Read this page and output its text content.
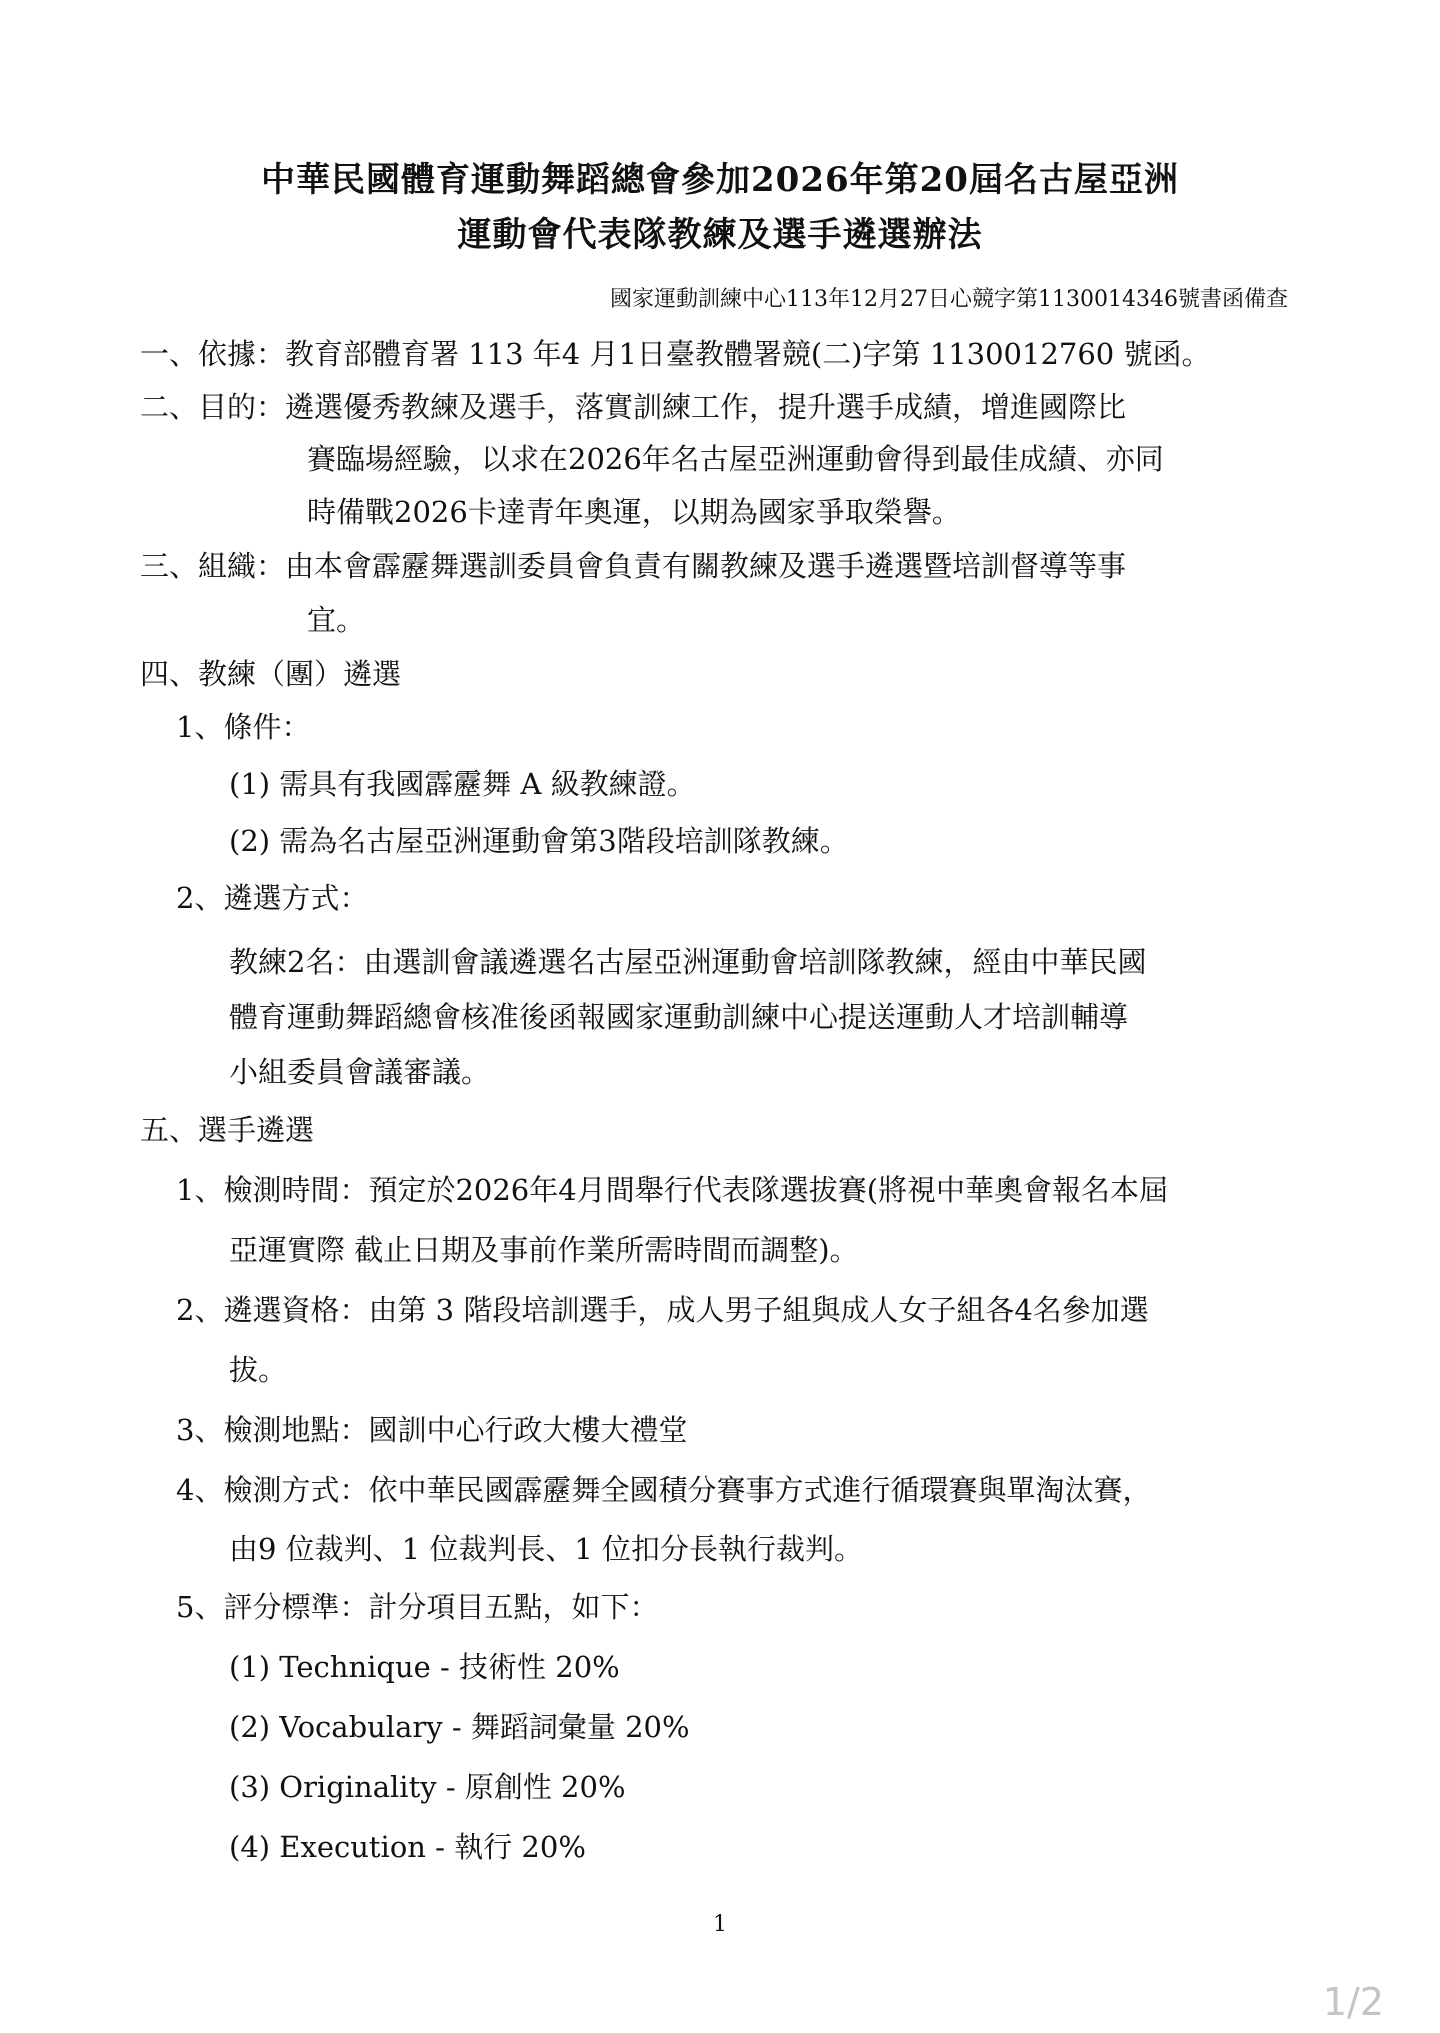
中華民國體育運動舞蹈總會參加2026年第20屆名古屋亞洲
運動會代表隊教練及選手遴選辦法
國家運動訓練中心113年12月27日心競字第1130014346號書函備查
一、依據：教育部體育署 113 年4 月1日臺教體署競(二)字第 1130012760 號函。
二、目的：遴選優秀教練及選手，落實訓練工作，提升選手成績，增進國際比
賽臨場經驗，以求在2026年名古屋亞洲運動會得到最佳成績、亦同
時備戰2026卡達青年奧運，以期為國家爭取榮譽。
三、組織：由本會霹靂舞選訓委員會負責有關教練及選手遴選暨培訓督導等事
宜。
四、教練（團）遴選
1、條件：
(1) 需具有我國霹靂舞 A 級教練證。
(2) 需為名古屋亞洲運動會第3階段培訓隊教練。
2、遴選方式：
教練2名：由選訓會議遴選名古屋亞洲運動會培訓隊教練，經由中華民國
體育運動舞蹈總會核准後函報國家運動訓練中心提送運動人才培訓輔導
小組委員會議審議。
五、選手遴選
1、檢測時間：預定於2026年4月間舉行代表隊選拔賽(將視中華奧會報名本屆
亞運實際 截止日期及事前作業所需時間而調整)。
2、遴選資格：由第 3 階段培訓選手，成人男子組與成人女子組各4名參加選
拔。
3、檢測地點：國訓中心行政大樓大禮堂
4、檢測方式：依中華民國霹靂舞全國積分賽事方式進行循環賽與單淘汰賽，
由9 位裁判、1 位裁判長、1 位扣分長執行裁判。
5、評分標準：計分項目五點，如下：
(1) Technique - 技術性 20%
(2) Vocabulary - 舞蹈詞彙量 20%
(3) Originality - 原創性 20%
(4) Execution - 執行 20%
1
1/2
